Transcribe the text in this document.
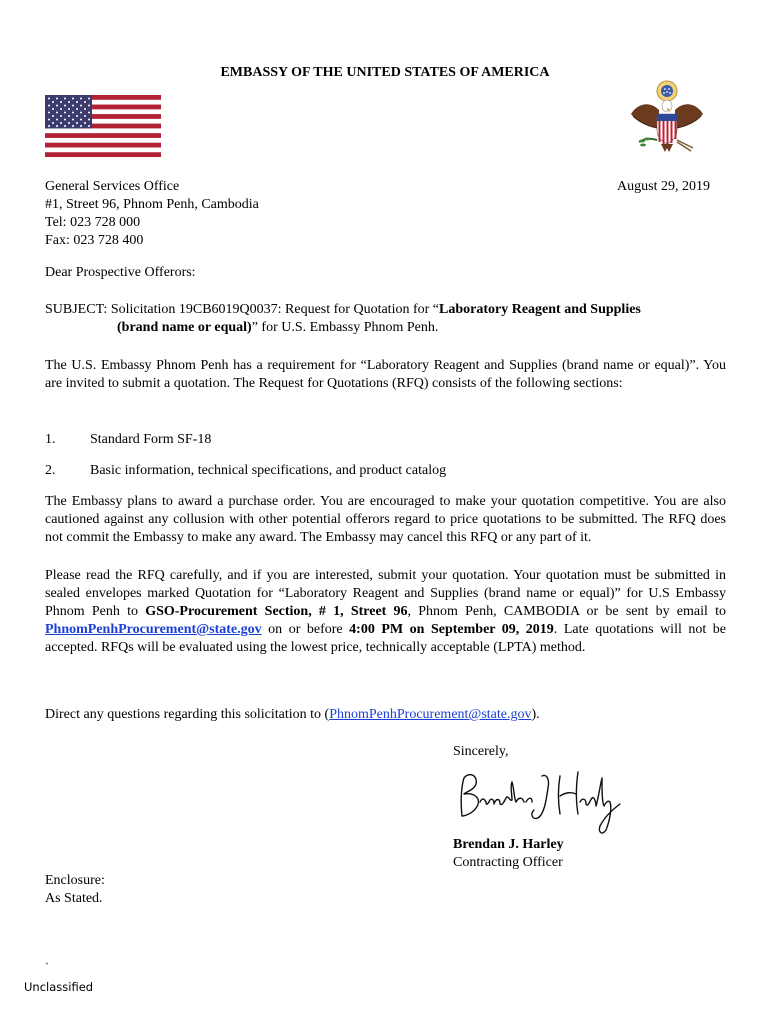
EMBASSY OF THE UNITED STATES OF AMERICA
General Services Office
#1, Street 96, Phnom Penh, Cambodia
Tel: 023 728 000
Fax: 023 728 400
August 29, 2019
Dear Prospective Offerors:
SUBJECT: Solicitation 19CB6019Q0037: Request for Quotation for “Laboratory Reagent and Supplies
(brand name or equal)” for U.S. Embassy Phnom Penh.
The U.S. Embassy Phnom Penh has a requirement for “Laboratory Reagent and Supplies (brand name or equal)”. You are invited to submit a quotation. The Request for Quotations (RFQ) consists of the following sections:
1. Standard Form SF-18
2. Basic information, technical specifications, and product catalog
The Embassy plans to award a purchase order. You are encouraged to make your quotation competitive. You are also cautioned against any collusion with other potential offerors regard to price quotations to be submitted. The RFQ does not commit the Embassy to make any award. The Embassy may cancel this RFQ or any part of it.
Please read the RFQ carefully, and if you are interested, submit your quotation. Your quotation must be submitted in sealed envelopes marked Quotation for “Laboratory Reagent and Supplies (brand name or equal)” for U.S Embassy Phnom Penh to GSO-Procurement Section, # 1, Street 96, Phnom Penh, CAMBODIA or be sent by email to PhnomPenhProcurement@state.gov on or before 4:00 PM on September 09, 2019. Late quotations will not be accepted. RFQs will be evaluated using the lowest price, technically acceptable (LPTA) method.
Direct any questions regarding this solicitation to (PhnomPenhProcurement@state.gov).
Sincerely,
Brendan J. Harley
Contracting Officer
Enclosure:
As Stated.
`
Unclassified
